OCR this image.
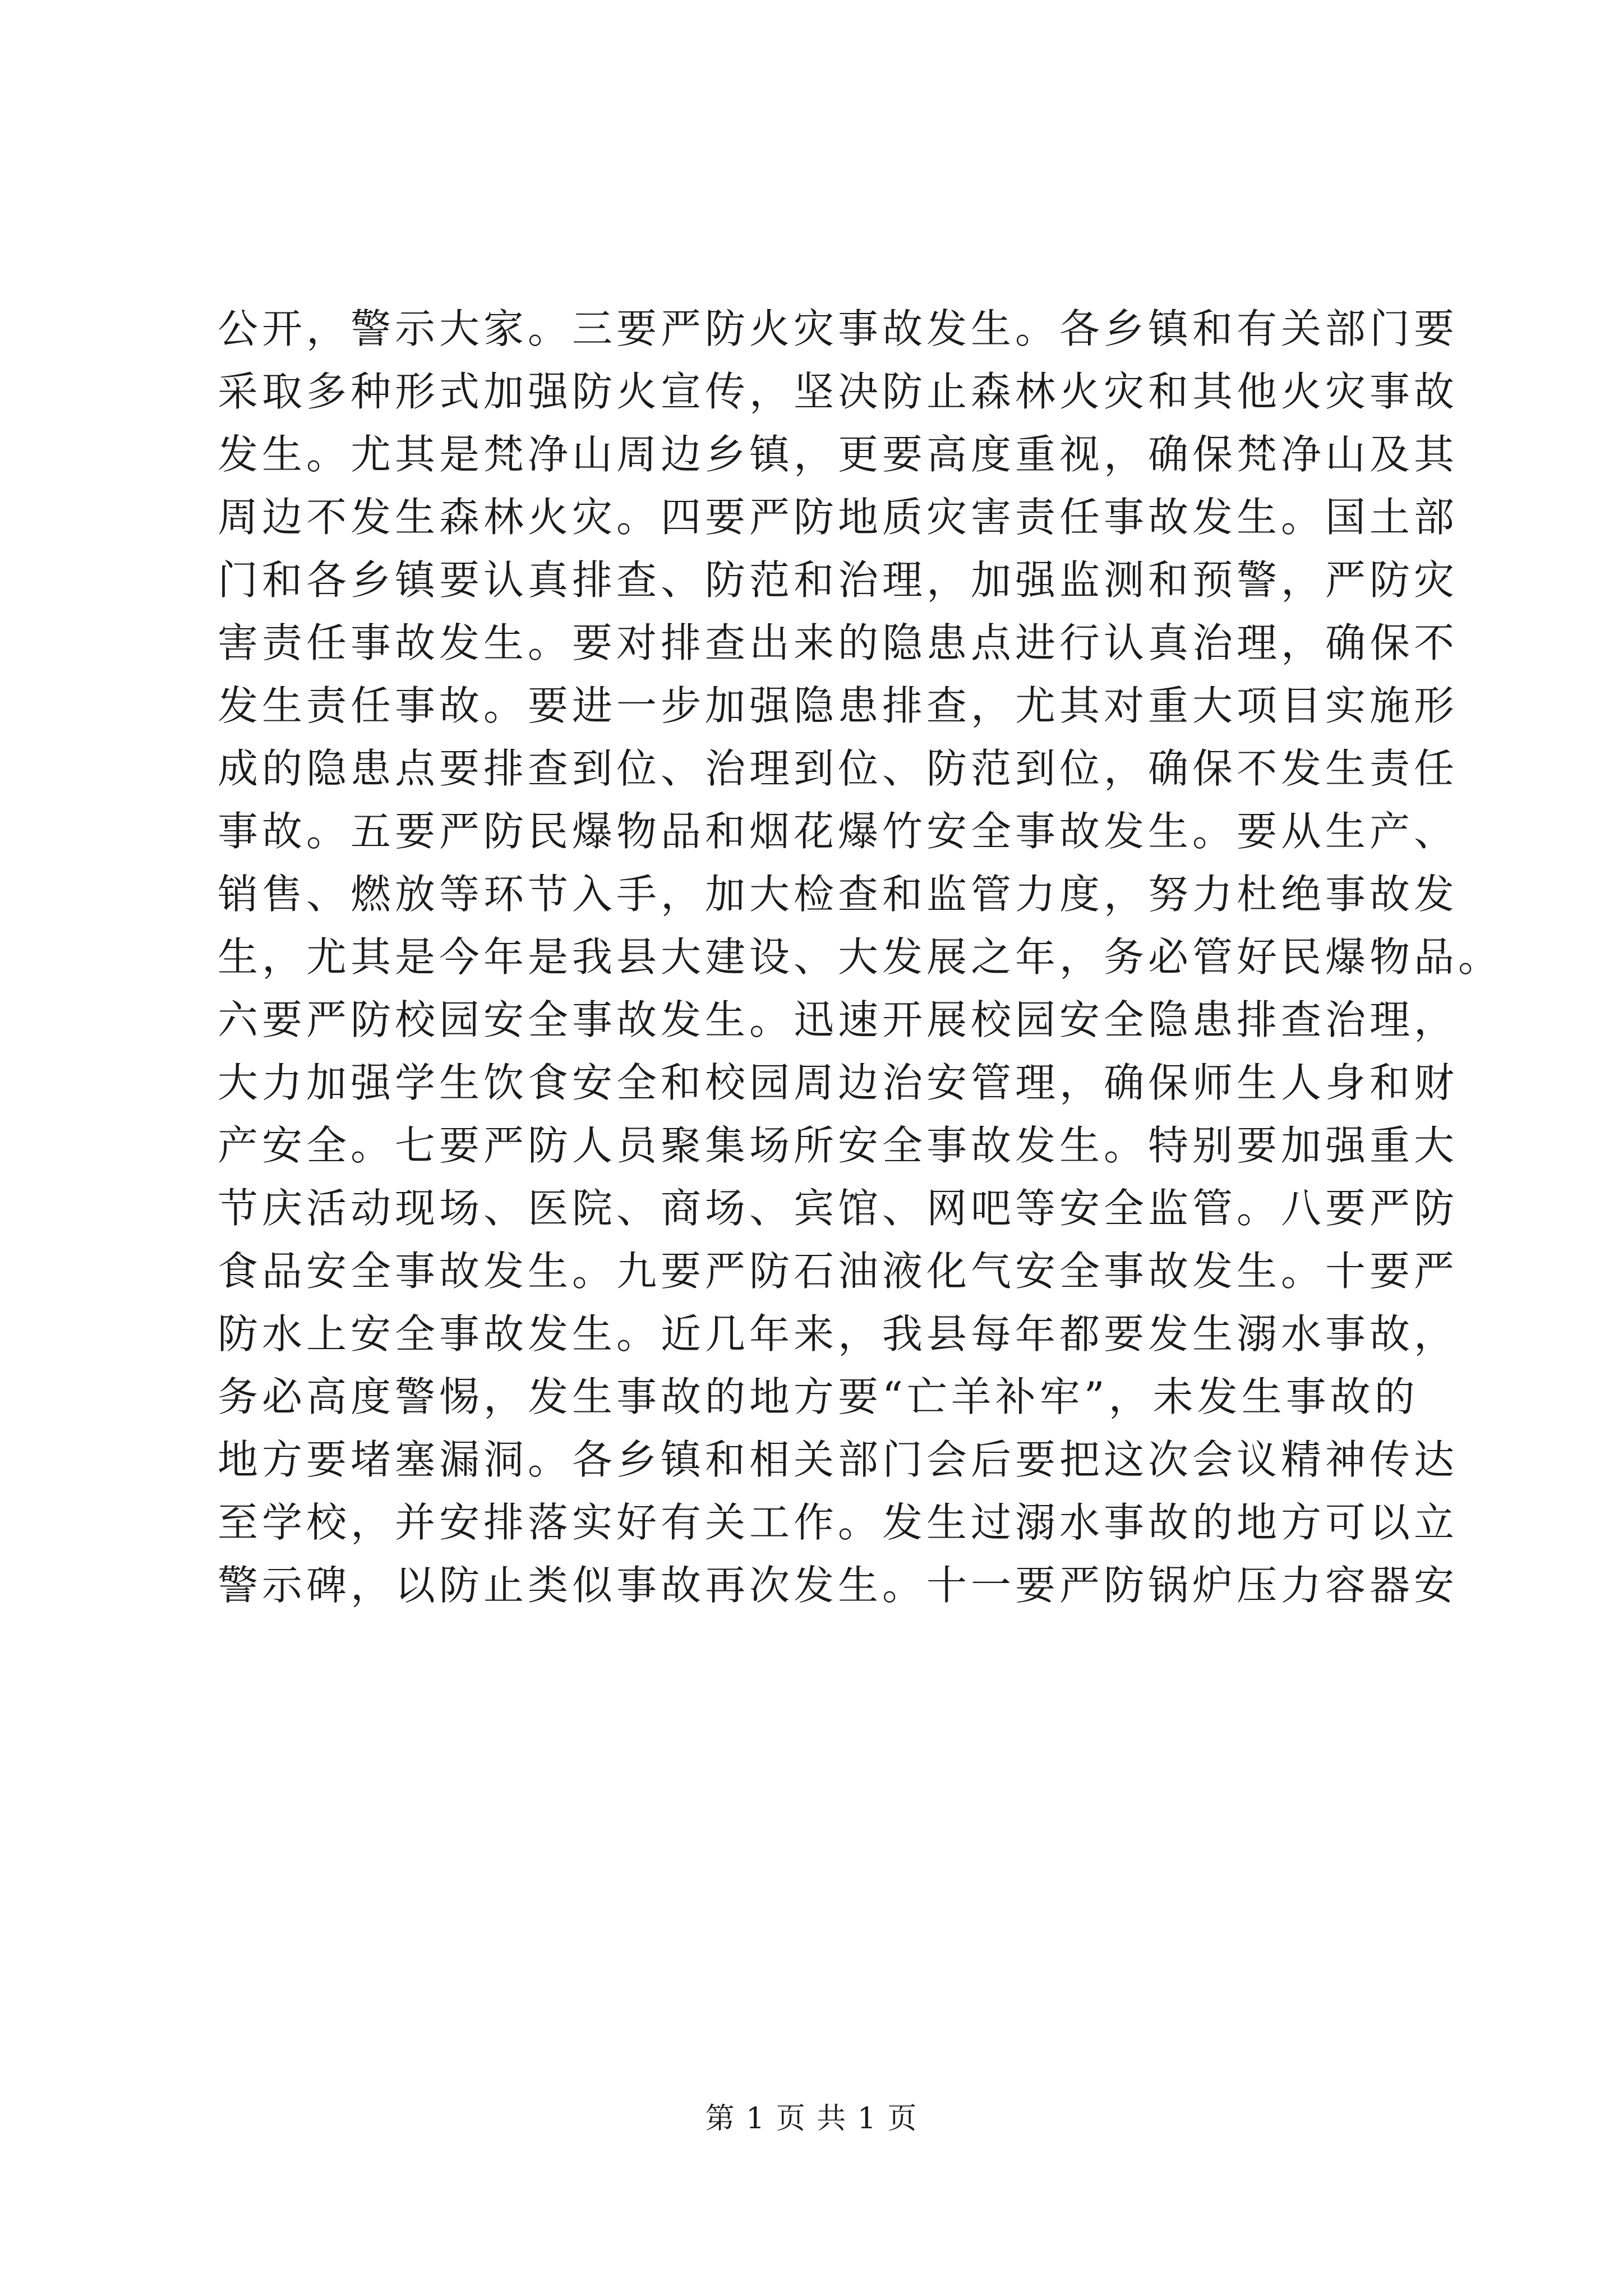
公开，警示大家。三要严防火灾事故发生。各乡镇和有关部门要

采取多种形式加强防火宣传，坚决防止森林火灾和其他火灾事故

发生。尤其是梵净山周边乡镇，更要高度重视，确保梵净山及其

周边不发生森林火灾。四要严防地质灾害责任事故发生。国土部

门和各乡镇要认真排查、防范和治理，加强监测和预警，严防灾

害责任事故发生。要对排查出来的隐患点进行认真治理，确保不

发生责任事故。要进一步加强隐患排查，尤其对重大项目实施形

成的隐患点要排查到位、治理到位、防范到位，确保不发生责任

事故。五要严防民爆物品和烟花爆竹安全事故发生。要从生产、

销售、燃放等环节入手，加大检查和监管力度，努力杜绝事故发

生，尤其是今年是我县大建设、大发展之年，务必管好民爆物品。

六要严防校园安全事故发生。迅速开展校园安全隐患排查治理，

大力加强学生饮食安全和校园周边治安管理，确保师生人身和财

产安全。七要严防人员聚集场所安全事故发生。特别要加强重大

节庆活动现场、医院、商场、宾馆、网吧等安全监管。八要严防

食品安全事故发生。九要严防石油液化气安全事故发生。十要严

防水上安全事故发生。近几年来，我县每年都要发生溺水事故，

务必高度警惕，发生事故的地方要“亡羊补牢”，未发生事故的

地方要堵塞漏洞。各乡镇和相关部门会后要把这次会议精神传达

至学校，并安排落实好有关工作。发生过溺水事故的地方可以立

警示碑，以防止类似事故再次发生。十一要严防锅炉压力容器安

第 1 页 共 1 页
